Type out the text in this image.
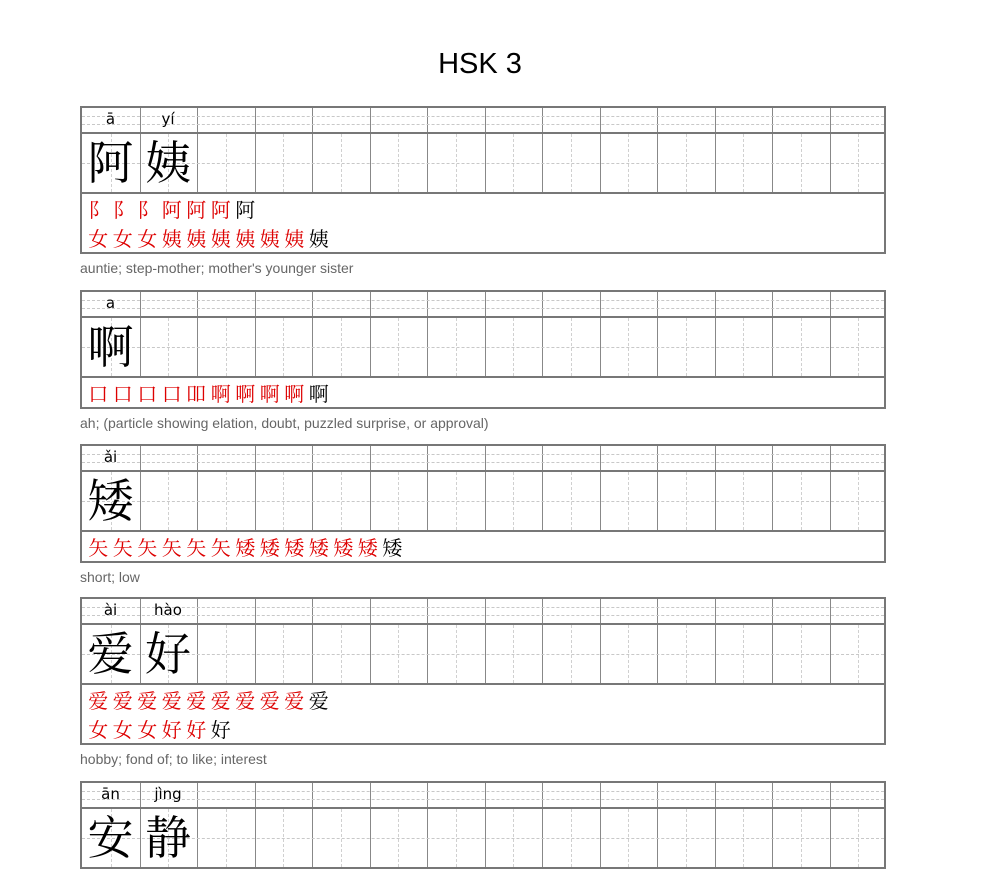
HSK 3
ā	yí
阿 姨
阝 阝 阝 阿 阿 阿 阿
女 女 女 姨 姨 姨 姨 姨 姨 姨
auntie; step-mother; mother's younger sister
a
啊
口 口 口 口 吅 啊 啊 啊 啊 啊
ah; (particle showing elation, doubt, puzzled surprise, or approval)
ǎi
矮
矢 矢 矢 矢 矢 矢 矮 矮 矮 矮 矮 矮 矮
short; low
ài	hào
爱 好
爱 爱 爱 爱 爱 爱 爱 爱 爱 爱
女 女 女 好 好 好
hobby; fond of; to like; interest
ān	jìng
安 静
